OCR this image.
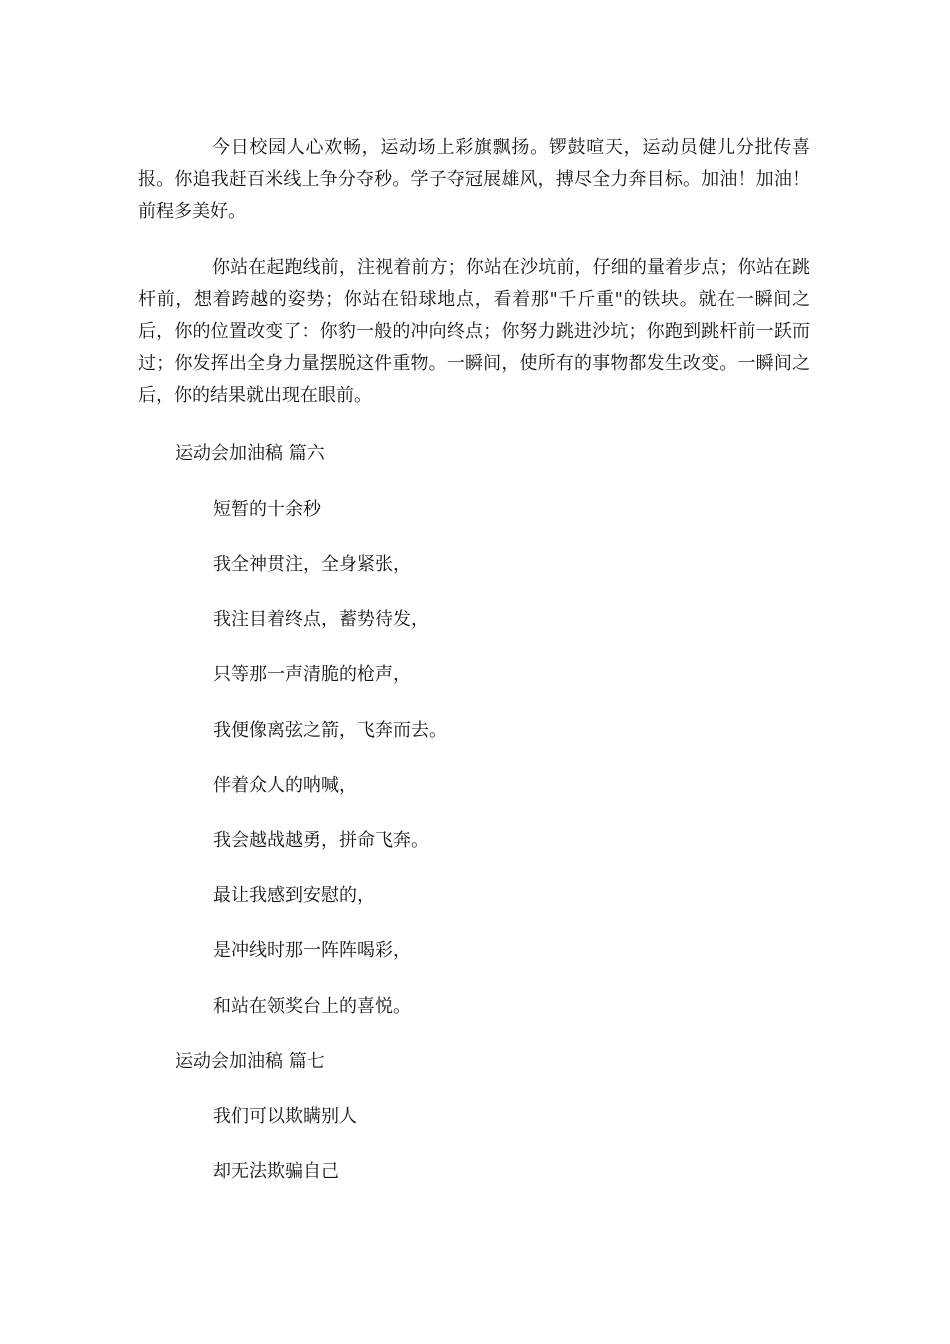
今日校园人心欢畅，运动场上彩旗飘扬。锣鼓喧天，运动员健儿分批传喜报。你追我赶百米线上争分夺秒。学子夺冠展雄风，搏尽全力奔目标。加油！加油！前程多美好。

你站在起跑线前，注视着前方；你站在沙坑前，仔细的量着步点；你站在跳杆前，想着跨越的姿势；你站在铅球地点，看着那"千斤重"的铁块。就在一瞬间之后，你的位置改变了：你豹一般的冲向终点；你努力跳进沙坑；你跑到跳杆前一跃而过；你发挥出全身力量摆脱这件重物。一瞬间，使所有的事物都发生改变。一瞬间之后，你的结果就出现在眼前。

运动会加油稿 篇六

短暂的十余秒

我全神贯注，全身紧张，

我注目着终点，蓄势待发，

只等那一声清脆的枪声，

我便像离弦之箭，飞奔而去。

伴着众人的呐喊，

我会越战越勇，拼命飞奔。

最让我感到安慰的，

是冲线时那一阵阵喝彩，

和站在领奖台上的喜悦。

运动会加油稿 篇七

我们可以欺瞒别人

却无法欺骗自己
